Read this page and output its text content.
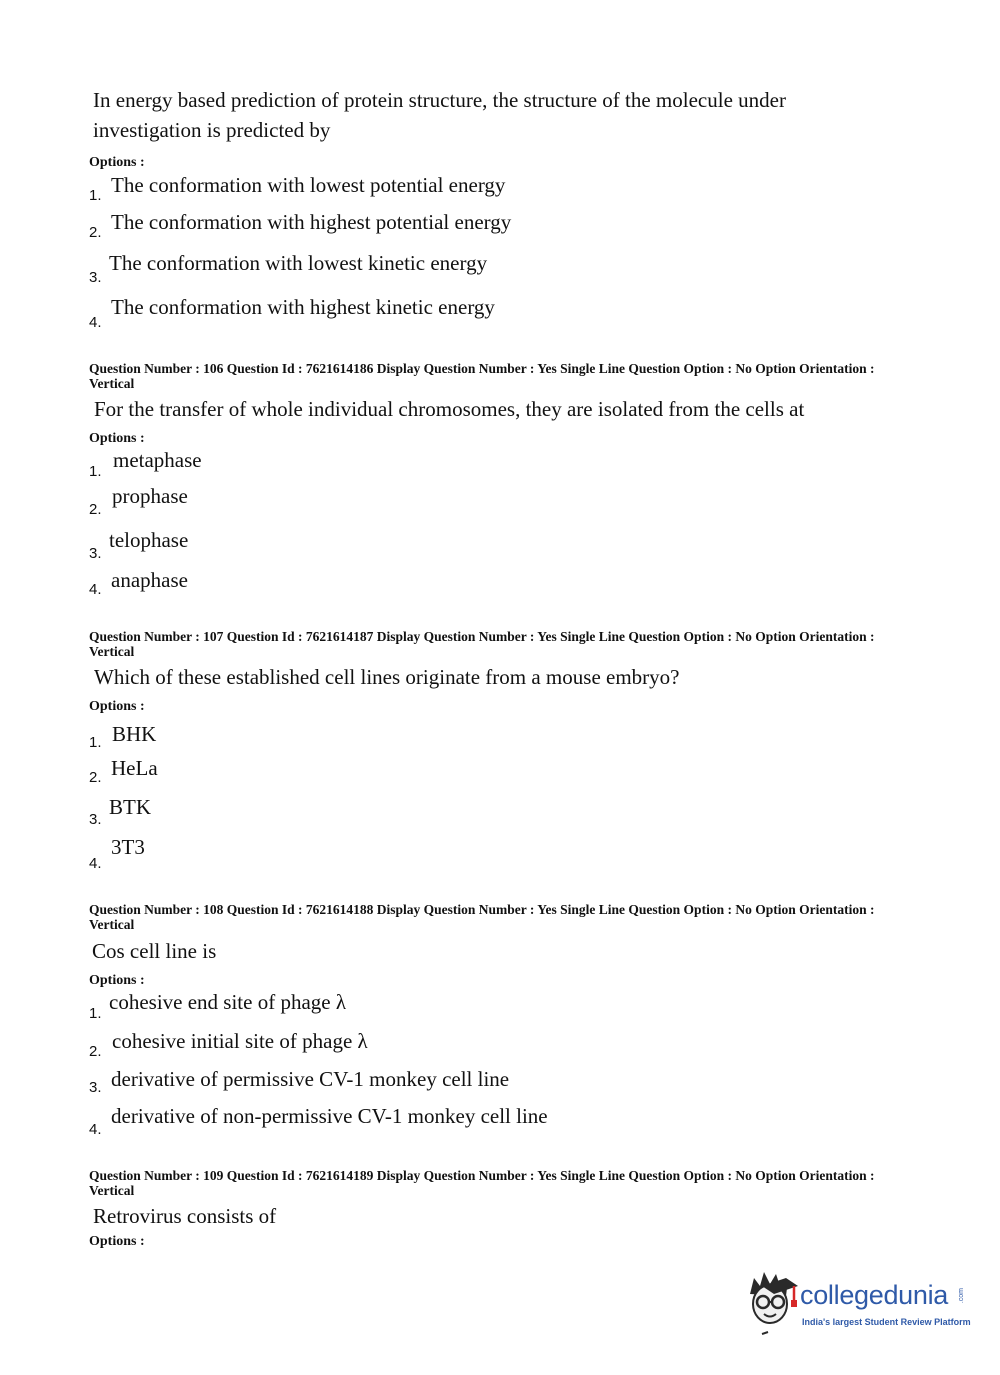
In energy based prediction of protein structure, the structure of the molecule under investigation is predicted by
Options :
1. The conformation with lowest potential energy
2. The conformation with highest potential energy
3.
The conformation with lowest kinetic energy
4.
The conformation with highest kinetic energy
Question Number : 106 Question Id : 7621614186 Display Question Number : Yes Single Line Question Option : No Option Orientation : Vertical
For the transfer of whole individual chromosomes, they are isolated from the cells at
Options :
1. metaphase
2.
prophase
3.
telophase
4. anaphase
Question Number : 107 Question Id : 7621614187 Display Question Number : Yes Single Line Question Option : No Option Orientation : Vertical
Which of these established cell lines originate from a mouse embryo?
Options :
1. BHK
2. HeLa
3.
BTK
4.
3T3
Question Number : 108 Question Id : 7621614188 Display Question Number : Yes Single Line Question Option : No Option Orientation : Vertical
Cos cell line is
Options :
1. cohesive end site of phage λ
2. cohesive initial site of phage λ
3. derivative of permissive CV-1 monkey cell line
4.
derivative of non-permissive CV-1 monkey cell line
Question Number : 109 Question Id : 7621614189 Display Question Number : Yes Single Line Question Option : No Option Orientation : Vertical
Retrovirus consists of
Options :
collegedunia .com
India's largest Student Review Platform
